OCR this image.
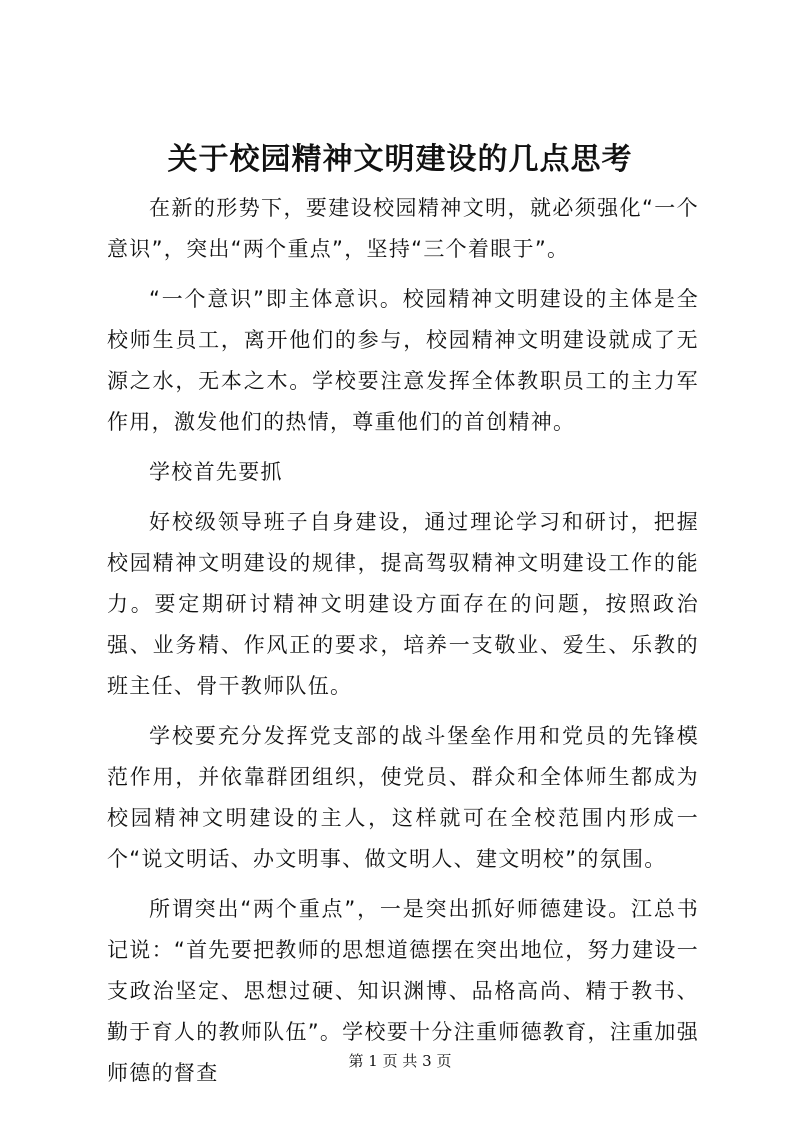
关于校园精神文明建设的几点思考

在新的形势下，要建设校园精神文明，就必须强化“一个意识”，突出“两个重点”，坚持“三个着眼于”。

“一个意识”即主体意识。校园精神文明建设的主体是全校师生员工，离开他们的参与，校园精神文明建设就成了无源之水，无本之木。学校要注意发挥全体教职员工的主力军作用，激发他们的热情，尊重他们的首创精神。

学校首先要抓

好校级领导班子自身建设，通过理论学习和研讨，把握校园精神文明建设的规律，提高驾驭精神文明建设工作的能力。要定期研讨精神文明建设方面存在的问题，按照政治强、业务精、作风正的要求，培养一支敬业、爱生、乐教的班主任、骨干教师队伍。

学校要充分发挥党支部的战斗堡垒作用和党员的先锋模范作用，并依靠群团组织，使党员、群众和全体师生都成为校园精神文明建设的主人，这样就可在全校范围内形成一个“说文明话、办文明事、做文明人、建文明校”的氛围。

所谓突出“两个重点”，一是突出抓好师德建设。江总书记说：“首先要把教师的思想道德摆在突出地位，努力建设一支政治坚定、思想过硬、知识渊博、品格高尚、精于教书、勤于育人的教师队伍”。学校要十分注重师德教育，注重加强师德的督查	第 1 页 共 3 页
